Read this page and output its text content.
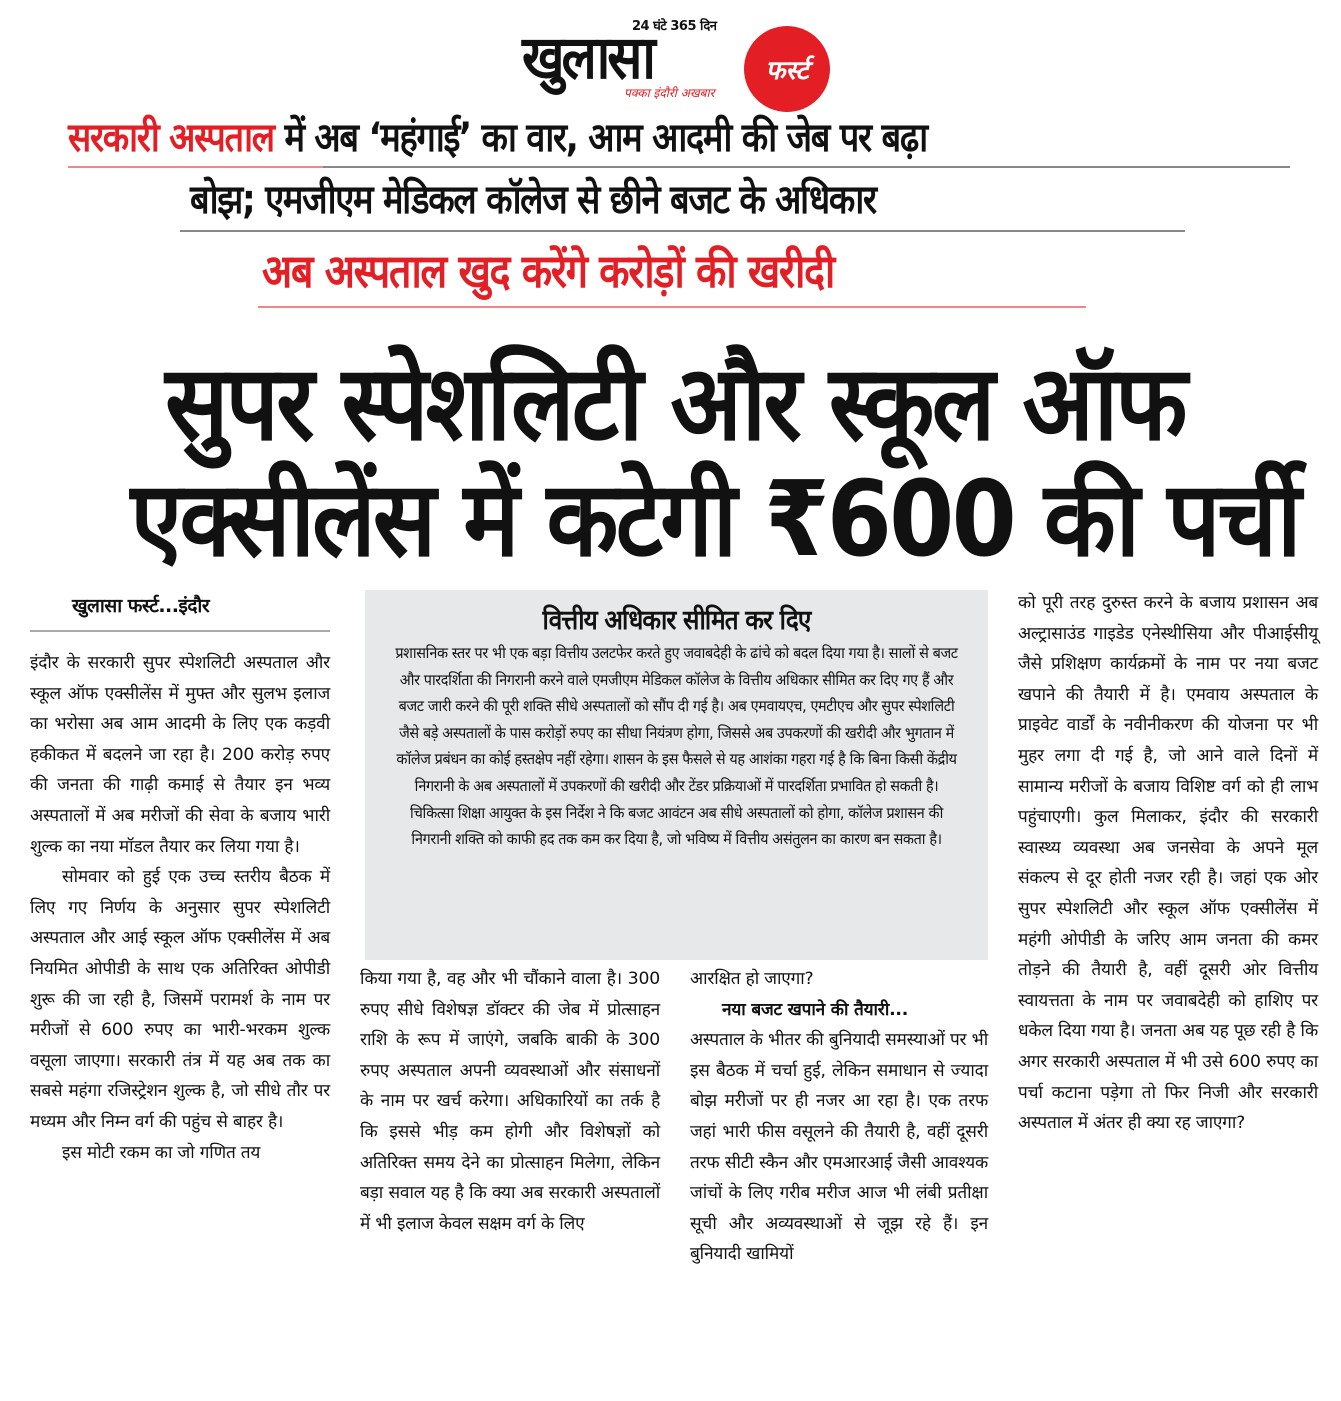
24 घंटे 365 दिन
खुलासा
पक्का इंदौरी अखबार
फर्स्ट
सरकारी अस्पताल में अब ‘महंगाई’ का वार, आम आदमी की जेब पर बढ़ा
बोझ; एमजीएम मेडिकल कॉलेज से छीने बजट के अधिकार
अब अस्पताल खुद करेंगे करोड़ों की खरीदी
सुपर स्पेशलिटी और स्कूल ऑफ
एक्सीलेंस में कटेगी ₹600 की पर्ची
खुलासा फर्स्ट...इंदौर

इंदौर के सरकारी सुपर स्पेशलिटी अस्पताल और स्कूल ऑफ एक्सीलेंस में मुफ्त और सुलभ इलाज का भरोसा अब आम आदमी के लिए एक कड़वी हकीकत में बदलने जा रहा है। 200 करोड़ रुपए की जनता की गाढ़ी कमाई से तैयार इन भव्य अस्पतालों में अब मरीजों की सेवा के बजाय भारी शुल्क का नया मॉडल तैयार कर लिया गया है।

सोमवार को हुई एक उच्च स्तरीय बैठक में लिए गए निर्णय के अनुसार सुपर स्पेशलिटी अस्पताल और आई स्कूल ऑफ एक्सीलेंस में अब नियमित ओपीडी के साथ एक अतिरिक्त ओपीडी शुरू की जा रही है, जिसमें परामर्श के नाम पर मरीजों से 600 रुपए का भारी-भरकम शुल्क वसूला जाएगा। सरकारी तंत्र में यह अब तक का सबसे महंगा रजिस्ट्रेशन शुल्क है, जो सीधे तौर पर मध्यम और निम्न वर्ग की पहुंच से बाहर है।

इस मोटी रकम का जो गणित तय

वित्तीय अधिकार सीमित कर दिए
प्रशासनिक स्तर पर भी एक बड़ा वित्तीय उलटफेर करते हुए जवाबदेही के ढांचे को बदल दिया गया है। सालों से बजट और पारदर्शिता की निगरानी करने वाले एमजीएम मेडिकल कॉलेज के वित्तीय अधिकार सीमित कर दिए गए हैं और बजट जारी करने की पूरी शक्ति सीधे अस्पतालों को सौंप दी गई है। अब एमवायएच, एमटीएच और सुपर स्पेशलिटी जैसे बड़े अस्पतालों के पास करोड़ों रुपए का सीधा नियंत्रण होगा, जिससे अब उपकरणों की खरीदी और भुगतान में कॉलेज प्रबंधन का कोई हस्तक्षेप नहीं रहेगा। शासन के इस फैसले से यह आशंका गहरा गई है कि बिना किसी केंद्रीय निगरानी के अब अस्पतालों में उपकरणों की खरीदी और टेंडर प्रक्रियाओं में पारदर्शिता प्रभावित हो सकती है। चिकित्सा शिक्षा आयुक्त के इस निर्देश ने कि बजट आवंटन अब सीधे अस्पतालों को होगा, कॉलेज प्रशासन की निगरानी शक्ति को काफी हद तक कम कर दिया है, जो भविष्य में वित्तीय असंतुलन का कारण बन सकता है।

किया गया है, वह और भी चौंकाने वाला है। 300 रुपए सीधे विशेषज्ञ डॉक्टर की जेब में प्रोत्साहन राशि के रूप में जाएंगे, जबकि बाकी के 300 रुपए अस्पताल अपनी व्यवस्थाओं और संसाधनों के नाम पर खर्च करेगा। अधिकारियों का तर्क है कि इससे भीड़ कम होगी और विशेषज्ञों को अतिरिक्त समय देने का प्रोत्साहन मिलेगा, लेकिन बड़ा सवाल यह है कि क्या अब सरकारी अस्पतालों में भी इलाज केवल सक्षम वर्ग के लिए

आरक्षित हो जाएगा?

नया बजट खपाने की तैयारी...

अस्पताल के भीतर की बुनियादी समस्याओं पर भी इस बैठक में चर्चा हुई, लेकिन समाधान से ज्यादा बोझ मरीजों पर ही नजर आ रहा है। एक तरफ जहां भारी फीस वसूलने की तैयारी है, वहीं दूसरी तरफ सीटी स्कैन और एमआरआई जैसी आवश्यक जांचों के लिए गरीब मरीज आज भी लंबी प्रतीक्षा सूची और अव्यवस्थाओं से जूझ रहे हैं। इन बुनियादी खामियों

को पूरी तरह दुरुस्त करने के बजाय प्रशासन अब अल्ट्रासाउंड गाइडेड एनेस्थीसिया और पीआईसीयू जैसे प्रशिक्षण कार्यक्रमों के नाम पर नया बजट खपाने की तैयारी में है। एमवाय अस्पताल के प्राइवेट वार्डों के नवीनीकरण की योजना पर भी मुहर लगा दी गई है, जो आने वाले दिनों में सामान्य मरीजों के बजाय विशिष्ट वर्ग को ही लाभ पहुंचाएगी। कुल मिलाकर, इंदौर की सरकारी स्वास्थ्य व्यवस्था अब जनसेवा के अपने मूल संकल्प से दूर होती नजर रही है। जहां एक ओर सुपर स्पेशलिटी और स्कूल ऑफ एक्सीलेंस में महंगी ओपीडी के जरिए आम जनता की कमर तोड़ने की तैयारी है, वहीं दूसरी ओर वित्तीय स्वायत्तता के नाम पर जवाबदेही को हाशिए पर धकेल दिया गया है। जनता अब यह पूछ रही है कि अगर सरकारी अस्पताल में भी उसे 600 रुपए का पर्चा कटाना पड़ेगा तो फिर निजी और सरकारी अस्पताल में अंतर ही क्या रह जाएगा?
